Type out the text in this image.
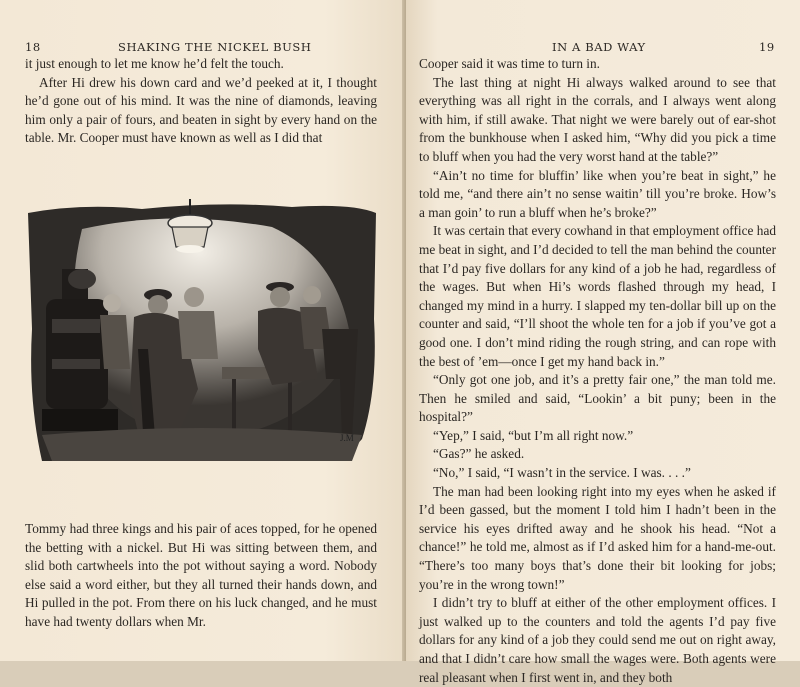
18	SHAKING THE NICKEL BUSH

it just enough to let me know he’d felt the touch.

After Hi drew his down card and we’d peeked at it, I thought he’d gone out of his mind. It was the nine of diamonds, leaving him only a pair of fours, and beaten in sight by every hand on the table. Mr. Cooper must have known as well as I did that

J.M

Tommy had three kings and his pair of aces topped, for he opened the betting with a nickel. But Hi was sitting between them, and slid both cartwheels into the pot without saying a word. Nobody else said a word either, but they all turned their hands down, and Hi pulled in the pot. From there on his luck changed, and he must have had twenty dollars when Mr.

IN A BAD WAY	19

Cooper said it was time to turn in.

The last thing at night Hi always walked around to see that everything was all right in the corrals, and I always went along with him, if still awake. That night we were barely out of ear-shot from the bunkhouse when I asked him, “Why did you pick a time to bluff when you had the very worst hand at the table?”

“Ain’t no time for bluffin’ like when you’re beat in sight,” he told me, “and there ain’t no sense waitin’ till you’re broke. How’s a man goin’ to run a bluff when he’s broke?”

It was certain that every cowhand in that employment office had me beat in sight, and I’d decided to tell the man behind the counter that I’d pay five dollars for any kind of a job he had, regardless of the wages. But when Hi’s words flashed through my head, I changed my mind in a hurry. I slapped my ten-dollar bill up on the counter and said, “I’ll shoot the whole ten for a job if you’ve got a good one. I don’t mind riding the rough string, and can rope with the best of ’em—once I get my hand back in.”

“Only got one job, and it’s a pretty fair one,” the man told me. Then he smiled and said, “Lookin’ a bit puny; been in the hospital?”

“Yep,” I said, “but I’m all right now.”

“Gas?” he asked.

“No,” I said, “I wasn’t in the service. I was. . . .”

The man had been looking right into my eyes when he asked if I’d been gassed, but the moment I told him I hadn’t been in the service his eyes drifted away and he shook his head. “Not a chance!” he told me, almost as if I’d asked him for a hand-me-out. “There’s too many boys that’s done their bit looking for jobs; you’re in the wrong town!”

I didn’t try to bluff at either of the other employment offices. I just walked up to the counters and told the agents I’d pay five dollars for any kind of a job they could send me out on right away, and that I didn’t care how small the wages were. Both agents were real pleasant when I first went in, and they both
